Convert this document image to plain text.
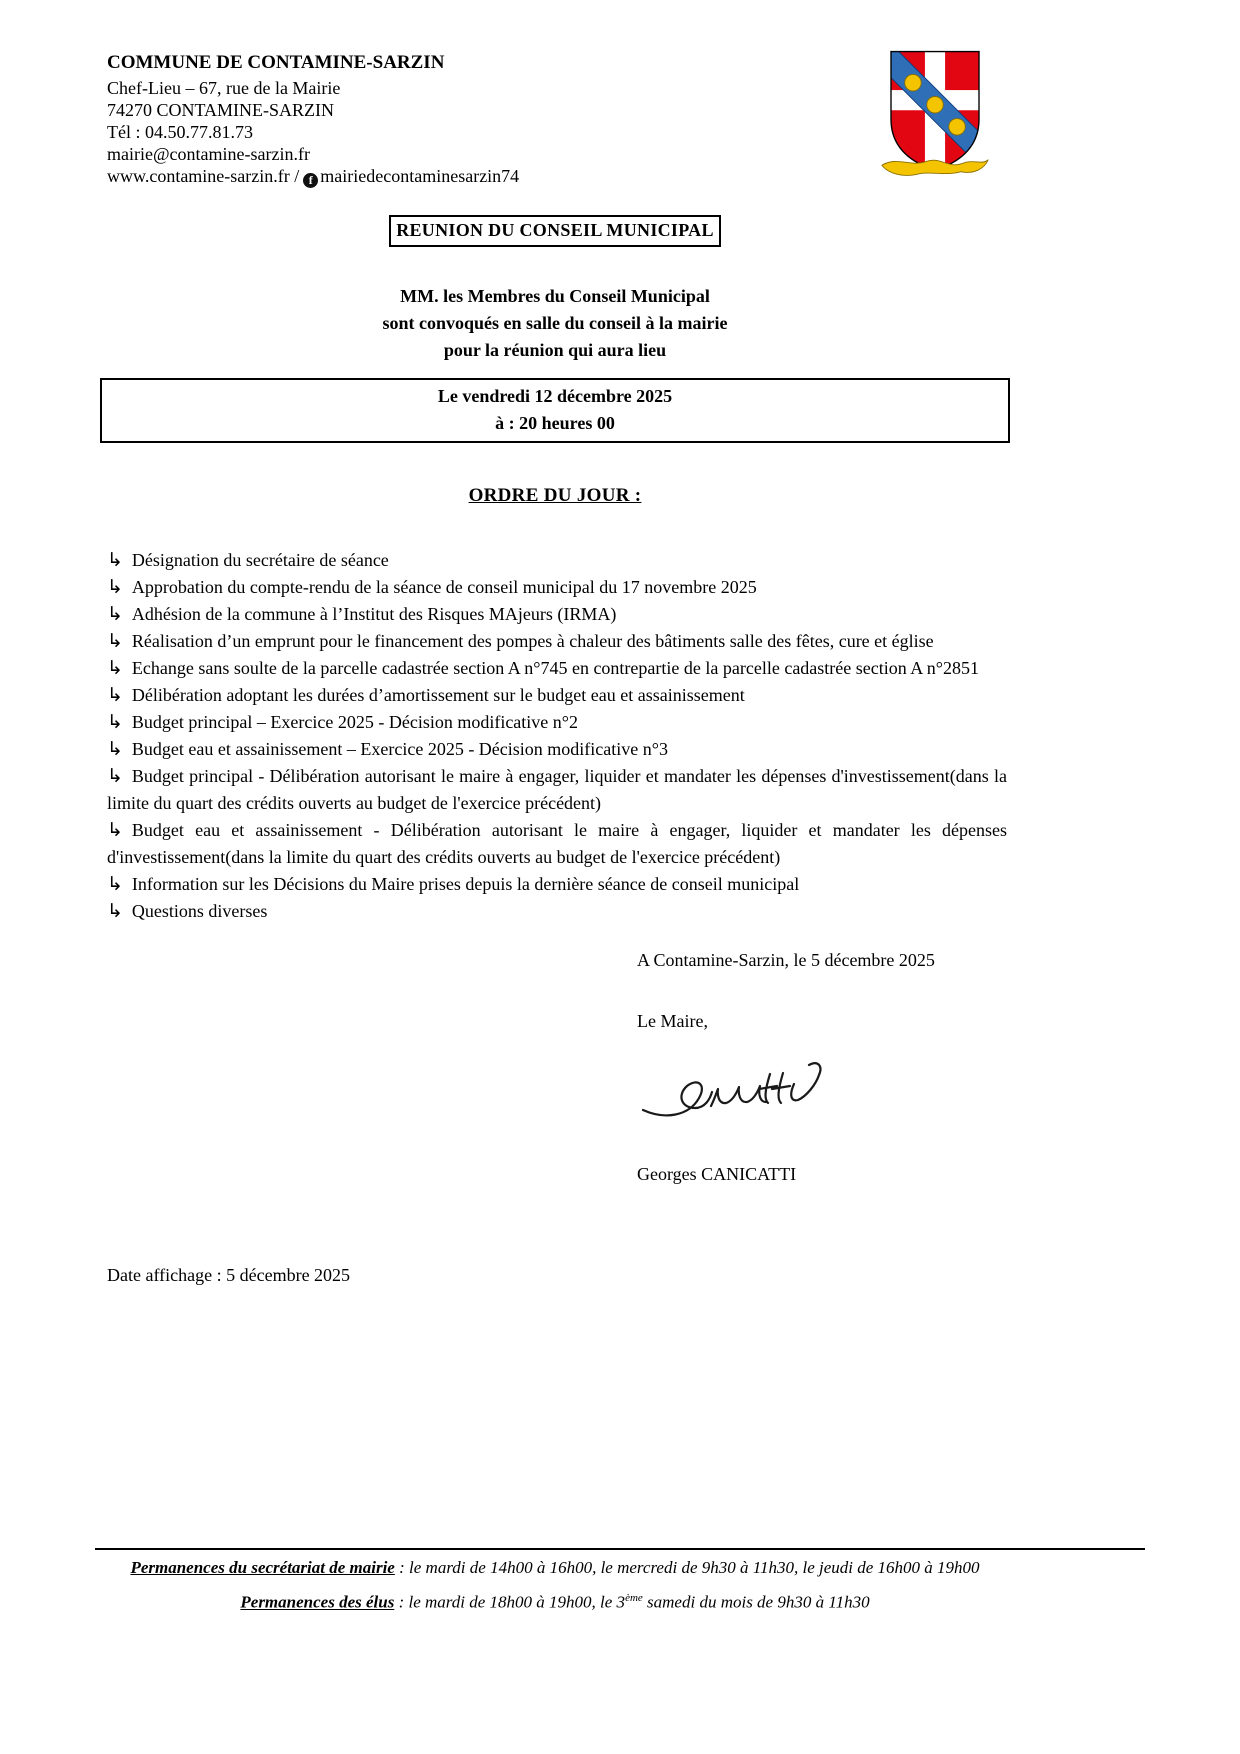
COMMUNE DE CONTAMINE-SARZIN
Chef-Lieu – 67, rue de la Mairie
74270 CONTAMINE-SARZIN
Tél : 04.50.77.81.73
mairie@contamine-sarzin.fr
www.contamine-sarzin.fr / f mairiedecontaminesarzin74
REUNION DU CONSEIL MUNICIPAL
MM. les Membres du Conseil Municipal
sont convoqués en salle du conseil à la mairie
pour la réunion qui aura lieu
Le vendredi 12 décembre 2025
à : 20 heures 00
ORDRE DU JOUR :
↳ Désignation du secrétaire de séance
↳ Approbation du compte-rendu de la séance de conseil municipal du 17 novembre 2025
↳ Adhésion de la commune à l’Institut des Risques MAjeurs (IRMA)
↳ Réalisation d’un emprunt pour le financement des pompes à chaleur des bâtiments salle des fêtes, cure et église
↳ Echange sans soulte de la parcelle cadastrée section A n°745 en contrepartie de la parcelle cadastrée section A n°2851
↳ Délibération adoptant les durées d’amortissement sur le budget eau et assainissement
↳ Budget principal – Exercice 2025 - Décision modificative n°2
↳ Budget eau et assainissement – Exercice 2025 - Décision modificative n°3
↳ Budget principal - Délibération autorisant le maire à engager, liquider et mandater les dépenses d'investissement(dans la limite du quart des crédits ouverts au budget de l'exercice précédent)
↳ Budget eau et assainissement - Délibération autorisant le maire à engager, liquider et mandater les dépenses d'investissement(dans la limite du quart des crédits ouverts au budget de l'exercice précédent)
↳ Information sur les Décisions du Maire prises depuis la dernière séance de conseil municipal
↳ Questions diverses
A Contamine-Sarzin, le 5 décembre 2025
Le Maire,
Georges CANICATTI
Date affichage : 5 décembre 2025
Permanences du secrétariat de mairie : le mardi de 14h00 à 16h00, le mercredi de 9h30 à 11h30, le jeudi de 16h00 à 19h00
Permanences des élus : le mardi de 18h00 à 19h00, le 3ème samedi du mois de 9h30 à 11h30
